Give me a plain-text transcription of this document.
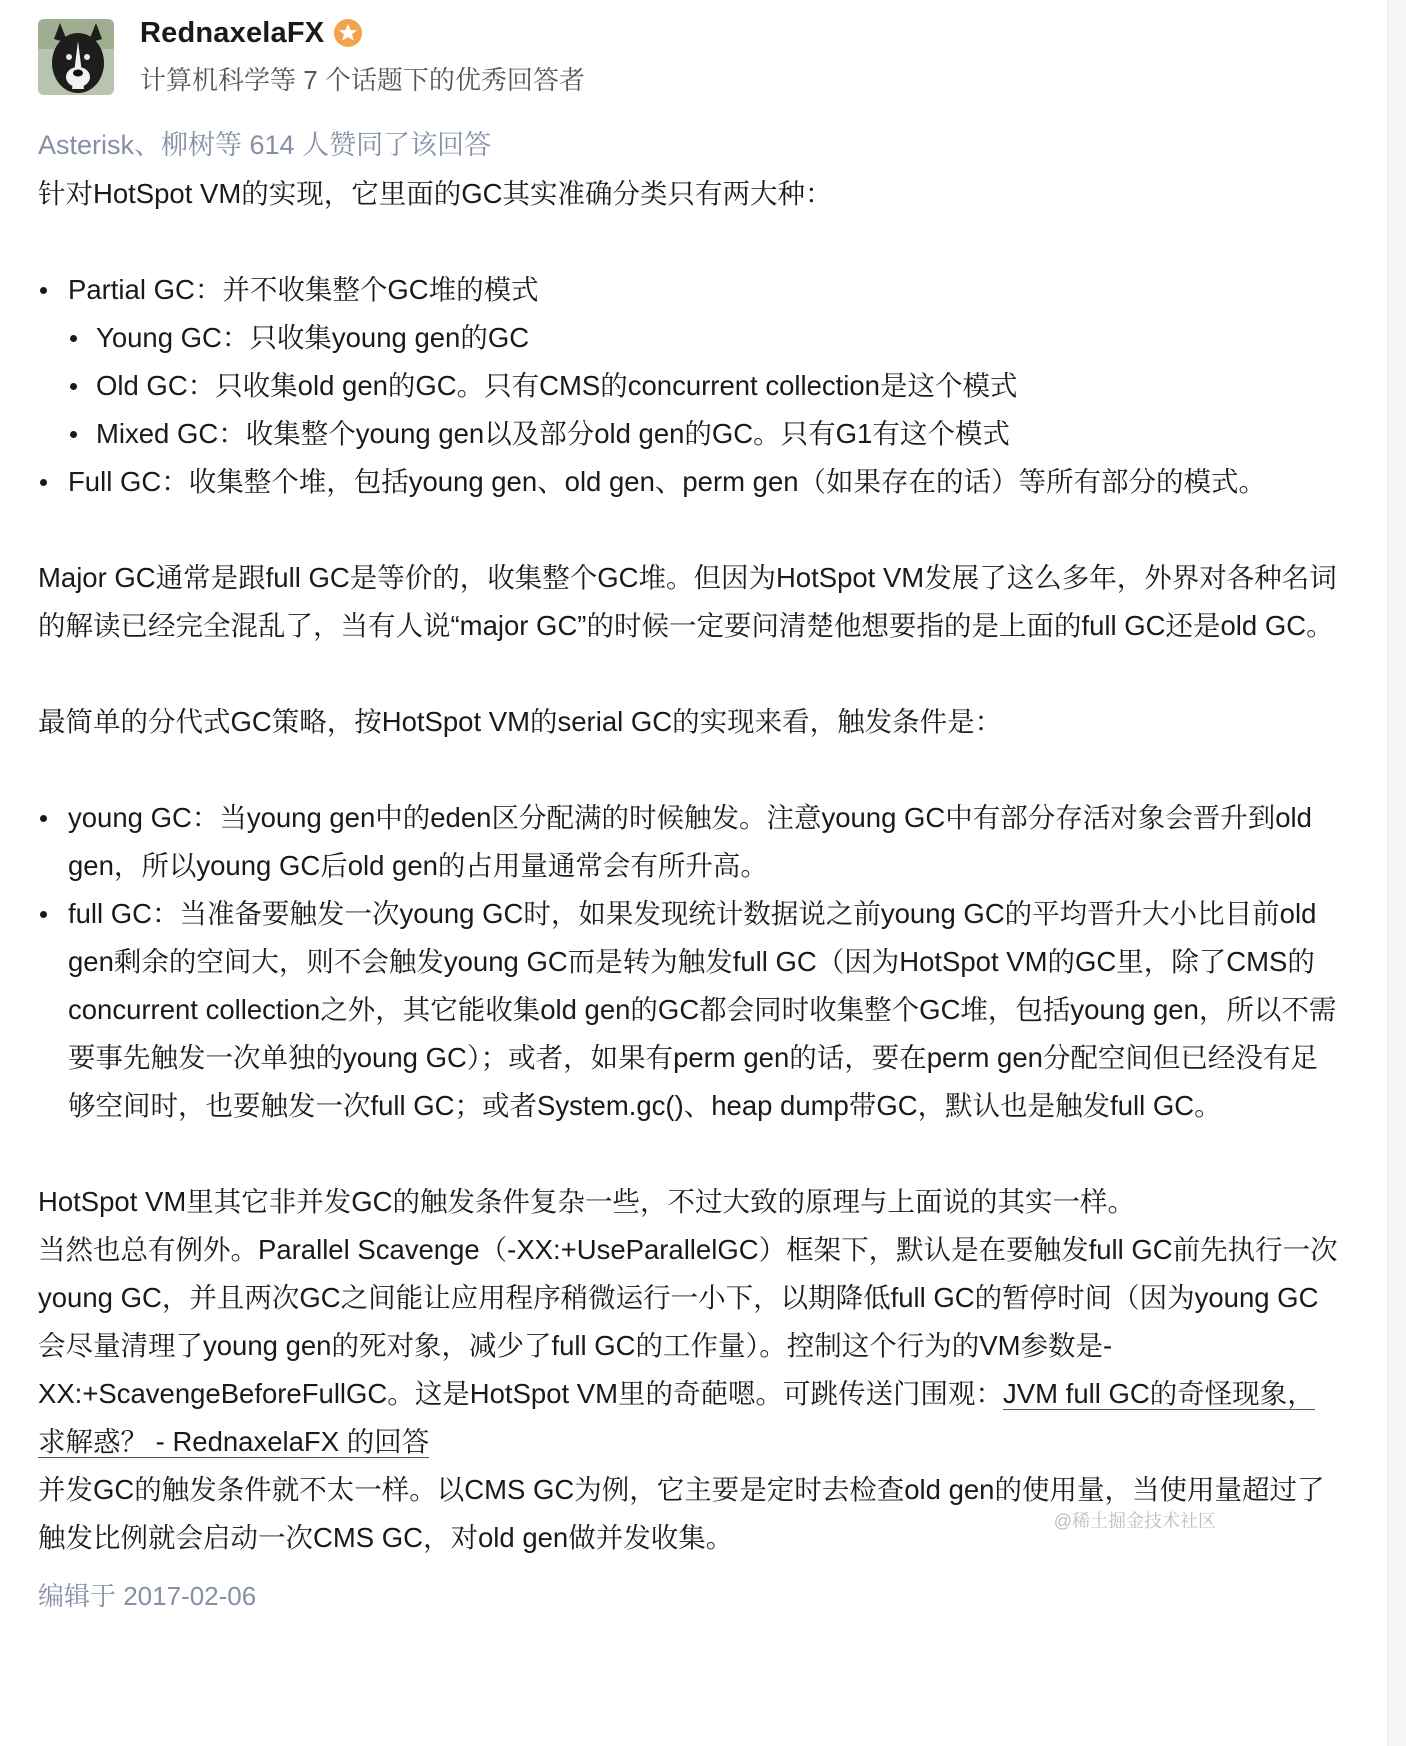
RednaxelaFX
计算机科学等 7 个话题下的优秀回答者
Asterisk、柳树等 614 人赞同了该回答

针对HotSpot VM的实现，它里面的GC其实准确分类只有两大种：

Partial GC：并不收集整个GC堆的模式
Young GC：只收集young gen的GC
Old GC：只收集old gen的GC。只有CMS的concurrent collection是这个模式
Mixed GC：收集整个young gen以及部分old gen的GC。只有G1有这个模式
Full GC：收集整个堆，包括young gen、old gen、perm gen（如果存在的话）等所有部分的模式。

Major GC通常是跟full GC是等价的，收集整个GC堆。但因为HotSpot VM发展了这么多年，外界对各种名词的解读已经完全混乱了，当有人说“major GC”的时候一定要问清楚他想要指的是上面的full GC还是old GC。

最简单的分代式GC策略，按HotSpot VM的serial GC的实现来看，触发条件是：

young GC：当young gen中的eden区分配满的时候触发。注意young GC中有部分存活对象会晋升到old gen，所以young GC后old gen的占用量通常会有所升高。
full GC：当准备要触发一次young GC时，如果发现统计数据说之前young GC的平均晋升大小比目前old gen剩余的空间大，则不会触发young GC而是转为触发full GC（因为HotSpot VM的GC里，除了CMS的concurrent collection之外，其它能收集old gen的GC都会同时收集整个GC堆，包括young gen，所以不需要事先触发一次单独的young GC）；或者，如果有perm gen的话，要在perm gen分配空间但已经没有足够空间时，也要触发一次full GC；或者System.gc()、heap dump带GC，默认也是触发full GC。

HotSpot VM里其它非并发GC的触发条件复杂一些，不过大致的原理与上面说的其实一样。

当然也总有例外。Parallel Scavenge（-XX:+UseParallelGC）框架下，默认是在要触发full GC前先执行一次young GC，并且两次GC之间能让应用程序稍微运行一小下，以期降低full GC的暂停时间（因为young GC会尽量清理了young gen的死对象，减少了full GC的工作量）。控制这个行为的VM参数是-XX:+ScavengeBeforeFullGC。这是HotSpot VM里的奇葩嗯。可跳传送门围观：JVM full GC的奇怪现象，求解惑？ - RednaxelaFX 的回答

并发GC的触发条件就不太一样。以CMS GC为例，它主要是定时去检查old gen的使用量，当使用量超过了触发比例就会启动一次CMS GC，对old gen做并发收集。

编辑于 2017-02-06
@稀土掘金技术社区
